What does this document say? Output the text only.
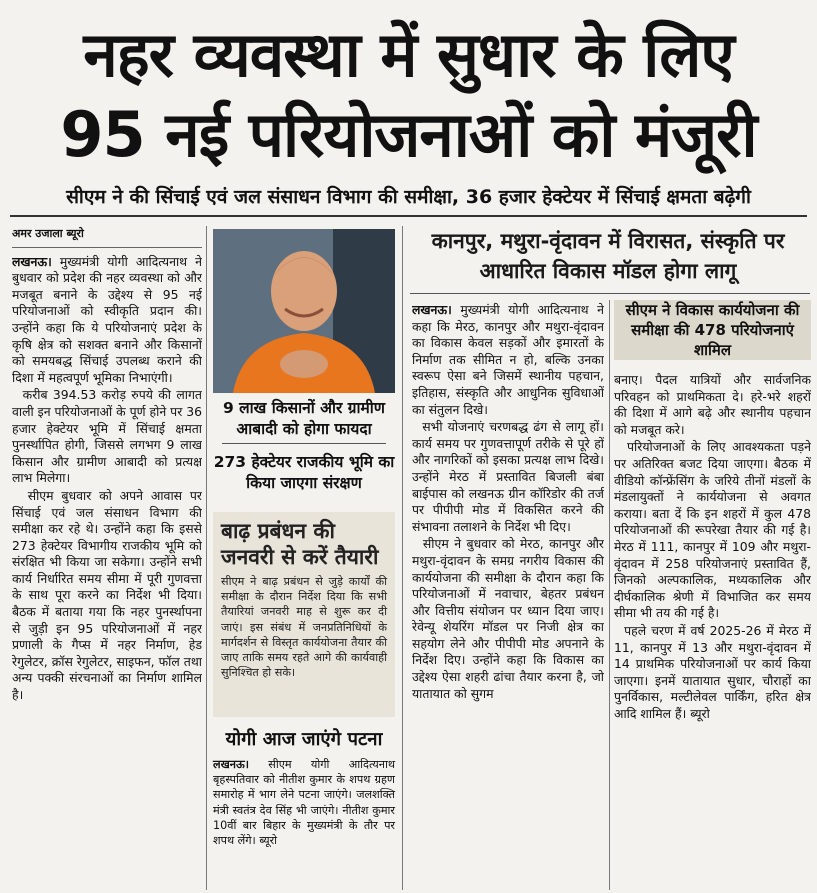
नहर व्यवस्था में सुधार के लिए
95 नई परियोजनाओं को मंजूरी
सीएम ने की सिंचाई एवं जल संसाधन विभाग की समीक्षा, 36 हजार हेक्टेयर में सिंचाई क्षमता बढ़ेगी
अमर उजाला ब्यूरो

लखनऊ। मुख्यमंत्री योगी आदित्यनाथ ने बुधवार को प्रदेश की नहर व्यवस्था को और मजबूत बनाने के उद्देश्य से 95 नई परियोजनाओं को स्वीकृति प्रदान की। उन्होंने कहा कि ये परियोजनाएं प्रदेश के कृषि क्षेत्र को सशक्त बनाने और किसानों को समयबद्ध सिंचाई उपलब्ध कराने की दिशा में महत्वपूर्ण भूमिका निभाएंगी।

करीब 394.53 करोड़ रुपये की लागत वाली इन परियोजनाओं के पूर्ण होने पर 36 हजार हेक्टेयर भूमि में सिंचाई क्षमता पुनर्स्थापित होगी, जिससे लगभग 9 लाख किसान और ग्रामीण आबादी को प्रत्यक्ष लाभ मिलेगा।

सीएम बुधवार को अपने आवास पर सिंचाई एवं जल संसाधन विभाग की समीक्षा कर रहे थे। उन्होंने कहा कि इससे 273 हेक्टेयर विभागीय राजकीय भूमि को संरक्षित भी किया जा सकेगा। उन्होंने सभी कार्य निर्धारित समय सीमा में पूरी गुणवत्ता के साथ पूरा करने का निर्देश भी दिया। बैठक में बताया गया कि नहर पुनर्स्थापना से जुड़ी इन 95 परियोजनाओं में नहर प्रणाली के गैप्स में नहर निर्माण, हेड रेगुलेटर, क्रॉस रेगुलेटर, साइफन, फॉल तथा अन्य पक्की संरचनाओं का निर्माण शामिल है।

9 लाख किसानों और ग्रामीण आबादी को होगा फायदा
273 हेक्टेयर राजकीय भूमि का किया जाएगा संरक्षण
बाढ़ प्रबंधन की जनवरी से करें तैयारी
सीएम ने बाढ़ प्रबंधन से जुड़े कार्यों की समीक्षा के दौरान निर्देश दिया कि सभी तैयारियां जनवरी माह से शुरू कर दी जाएं। इस संबंध में जनप्रतिनिधियों के मार्गदर्शन से विस्तृत कार्ययोजना तैयार की जाए ताकि समय रहते आगे की कार्यवाही सुनिश्चित हो सके।
योगी आज जाएंगे पटना
लखनऊ। सीएम योगी आदित्यनाथ बृहस्पतिवार को नीतीश कुमार के शपथ ग्रहण समारोह में भाग लेने पटना जाएंगे। जलशक्ति मंत्री स्वतंत्र देव सिंह भी जाएंगे। नीतीश कुमार 10वीं बार बिहार के मुख्यमंत्री के तौर पर शपथ लेंगे। ब्यूरो
कानपुर, मथुरा-वृंदावन में विरासत, संस्कृति पर आधारित विकास मॉडल होगा लागू

लखनऊ। मुख्यमंत्री योगी आदित्यनाथ ने कहा कि मेरठ, कानपुर और मथुरा-वृंदावन का विकास केवल सड़कों और इमारतों के निर्माण तक सीमित न हो, बल्कि उनका स्वरूप ऐसा बने जिसमें स्थानीय पहचान, इतिहास, संस्कृति और आधुनिक सुविधाओं का संतुलन दिखे।

सभी योजनाएं चरणबद्ध ढंग से लागू हों। कार्य समय पर गुणवत्तापूर्ण तरीके से पूरे हों और नागरिकों को इसका प्रत्यक्ष लाभ दिखे। उन्होंने मेरठ में प्रस्तावित बिजली बंबा बाईपास को लखनऊ ग्रीन कॉरिडोर की तर्ज पर पीपीपी मोड में विकसित करने की संभावना तलाशने के निर्देश भी दिए।

सीएम ने बुधवार को मेरठ, कानपुर और मथुरा-वृंदावन के समग्र नगरीय विकास की कार्ययोजना की समीक्षा के दौरान कहा कि परियोजनाओं में नवाचार, बेहतर प्रबंधन और वित्तीय संयोजन पर ध्यान दिया जाए। रेवेन्यू शेयरिंग मॉडल पर निजी क्षेत्र का सहयोग लेने और पीपीपी मोड अपनाने के निर्देश दिए। उन्होंने कहा कि विकास का उद्देश्य ऐसा शहरी ढांचा तैयार करना है, जो यातायात को सुगम

सीएम ने विकास कार्ययोजना की समीक्षा की 478 परियोजनाएं शामिल

बनाए। पैदल यात्रियों और सार्वजनिक परिवहन को प्राथमिकता दे। हरे-भरे शहरों की दिशा में आगे बढ़े और स्थानीय पहचान को मजबूत करे।

परियोजनाओं के लिए आवश्यकता पड़ने पर अतिरिक्त बजट दिया जाएगा। बैठक में वीडियो कॉन्फ्रेंसिंग के जरिये तीनों मंडलों के मंडलायुक्तों ने कार्ययोजना से अवगत कराया। बता दें कि इन शहरों में कुल 478 परियोजनाओं की रूपरेखा तैयार की गई है। मेरठ में 111, कानपुर में 109 और मथुरा-वृंदावन में 258 परियोजनाएं प्रस्तावित हैं, जिनको अल्पकालिक, मध्यकालिक और दीर्घकालिक श्रेणी में विभाजित कर समय सीमा भी तय की गई है।

पहले चरण में वर्ष 2025-26 में मेरठ में 11, कानपुर में 13 और मथुरा-वृंदावन में 14 प्राथमिक परियोजनाओं पर कार्य किया जाएगा। इनमें यातायात सुधार, चौराहों का पुनर्विकास, मल्टीलेवल पार्किंग, हरित क्षेत्र आदि शामिल हैं। ब्यूरो
